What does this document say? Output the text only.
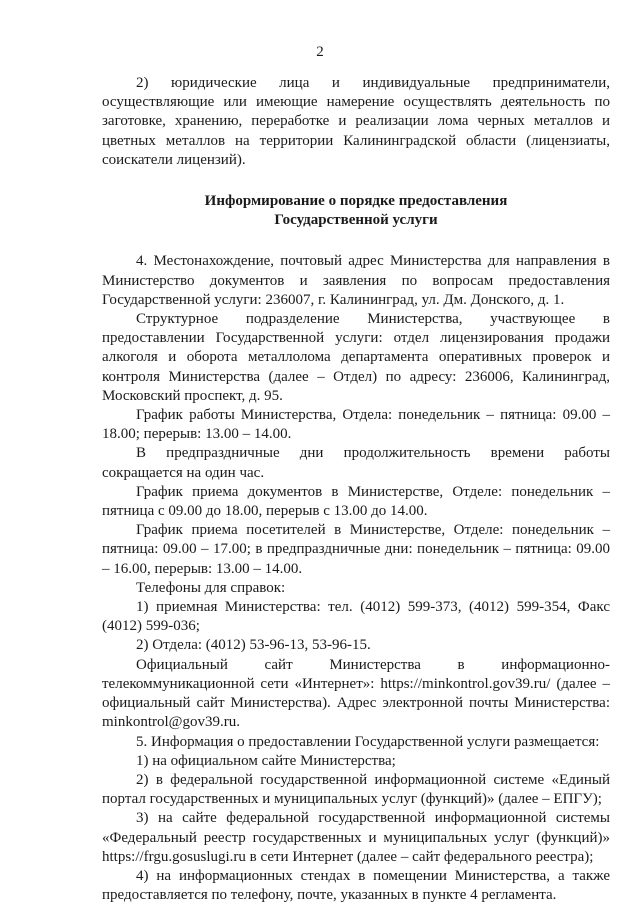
2

2) юридические лица и индивидуальные предприниматели, осуществляющие или имеющие намерение осуществлять деятельность по заготовке, хранению, переработке и реализации лома черных металлов и цветных металлов на территории Калининградской области (лицензиаты, соискатели лицензий).

Информирование о порядке предоставления

Государственной услуги

4. Местонахождение, почтовый адрес Министерства для направления в Министерство документов и заявления по вопросам предоставления Государственной услуги: 236007, г. Калининград, ул. Дм. Донского, д. 1.

Структурное подразделение Министерства, участвующее в предоставлении Государственной услуги: отдел лицензирования продажи алкоголя и оборота металлолома департамента оперативных проверок и контроля Министерства (далее – Отдел) по адресу: 236006, Калининград, Московский проспект, д. 95.

График работы Министерства, Отдела: понедельник – пятница: 09.00 – 18.00; перерыв: 13.00 – 14.00.

В предпраздничные дни продолжительность времени работы сокращается на один час.

График приема документов в Министерстве, Отделе: понедельник – пятница с 09.00 до 18.00, перерыв с 13.00 до 14.00.

График приема посетителей в Министерстве, Отделе: понедельник – пятница: 09.00 – 17.00; в предпраздничные дни: понедельник – пятница: 09.00 – 16.00, перерыв: 13.00 – 14.00.

Телефоны для справок:

1) приемная Министерства: тел. (4012) 599-373, (4012) 599-354, Факс (4012) 599-036;

2) Отдела: (4012) 53-96-13, 53-96-15.

Официальный сайт Министерства в информационно-телекоммуникационной сети «Интернет»: https://minkontrol.gov39.ru/ (далее – официальный сайт Министерства). Адрес электронной почты Министерства: minkontrol@gov39.ru.

5. Информация о предоставлении Государственной услуги размещается:

1) на официальном сайте Министерства;

2) в федеральной государственной информационной системе «Единый портал государственных и муниципальных услуг (функций)» (далее – ЕПГУ);

3) на сайте федеральной государственной информационной системы «Федеральный реестр государственных и муниципальных услуг (функций)» https://frgu.gosuslugi.ru в сети Интернет (далее – сайт федерального реестра);

4) на информационных стендах в помещении Министерства, а также предоставляется по телефону, почте, указанных в пункте 4 регламента.
